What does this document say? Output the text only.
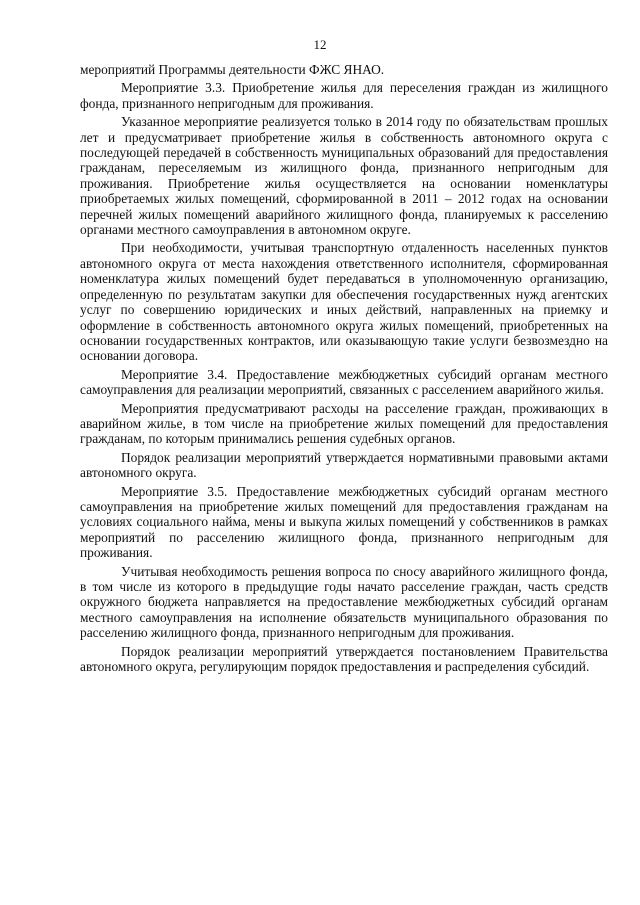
12

мероприятий Программы деятельности ФЖС ЯНАО.

Мероприятие 3.3. Приобретение жилья для переселения граждан из жилищного фонда, признанного непригодным для проживания.

Указанное мероприятие реализуется только в 2014 году по обязательствам прошлых лет и предусматривает приобретение жилья в собственность автономного округа с последующей передачей в собственность муниципальных образований для предоставления гражданам, переселяемым из жилищного фонда, признанного непригодным для проживания. Приобретение жилья осуществляется на основании номенклатуры приобретаемых жилых помещений, сформированной в 2011 – 2012 годах на основании перечней жилых помещений аварийного жилищного фонда, планируемых к расселению органами местного самоуправления в автономном округе.

При необходимости, учитывая транспортную отдаленность населенных пунктов автономного округа от места нахождения ответственного исполнителя, сформированная номенклатура жилых помещений будет передаваться в уполномоченную организацию, определенную по результатам закупки для обеспечения государственных нужд агентских услуг по совершению юридических и иных действий, направленных на приемку и оформление в собственность автономного округа жилых помещений, приобретенных на основании государственных контрактов, или оказывающую такие услуги безвозмездно на основании договора.

Мероприятие 3.4. Предоставление межбюджетных субсидий органам местного самоуправления для реализации мероприятий, связанных с расселением аварийного жилья.

Мероприятия предусматривают расходы на расселение граждан, проживающих в аварийном жилье, в том числе на приобретение жилых помещений для предоставления гражданам, по которым принимались решения судебных органов.

Порядок реализации мероприятий утверждается нормативными правовыми актами автономного округа.

Мероприятие 3.5. Предоставление межбюджетных субсидий органам местного самоуправления на приобретение жилых помещений для предоставления гражданам на условиях социального найма, мены и выкупа жилых помещений у собственников в рамках мероприятий по расселению жилищного фонда, признанного непригодным для проживания.

Учитывая необходимость решения вопроса по сносу аварийного жилищного фонда, в том числе из которого в предыдущие годы начато расселение граждан, часть средств окружного бюджета направляется на предоставление межбюджетных субсидий органам местного самоуправления на исполнение обязательств муниципального образования по расселению жилищного фонда, признанного непригодным для проживания.

Порядок реализации мероприятий утверждается постановлением Правительства автономного округа, регулирующим порядок предоставления и распределения субсидий.
